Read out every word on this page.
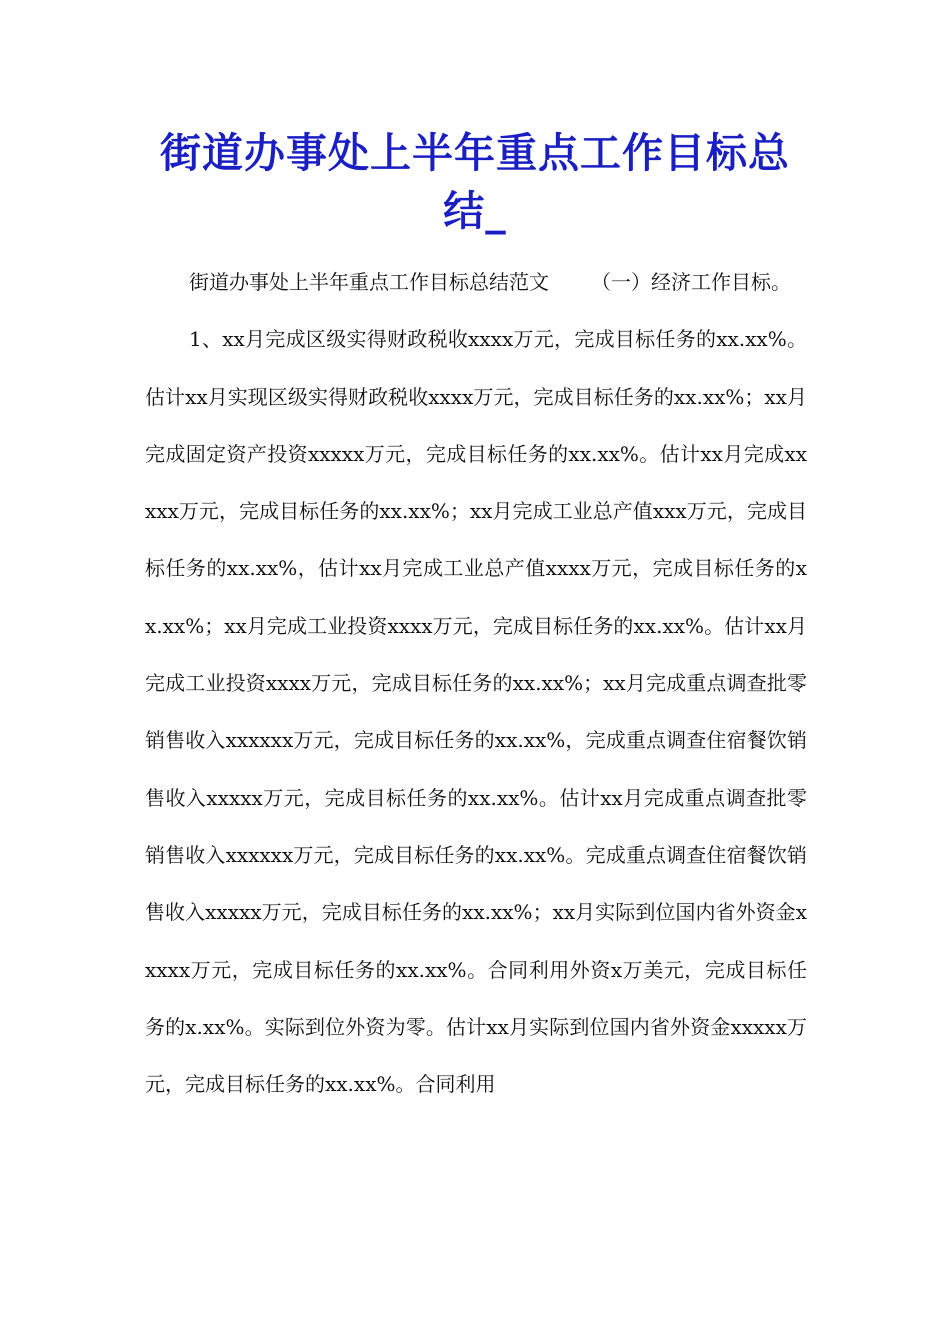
街道办事处上半年重点工作目标总结_

街道办事处上半年重点工作目标总结范文 （一）经济工作目标。

1、xx月完成区级实得财政税收xxxx万元，完成目标任务的xx.xx%。估计xx月实现区级实得财政税收xxxx万元，完成目标任务的xx.xx%；xx月完成固定资产投资xxxxx万元，完成目标任务的xx.xx%。估计xx月完成xxxxx万元，完成目标任务的xx.xx%；xx月完成工业总产值xxx万元，完成目标任务的xx.xx%，估计xx月完成工业总产值xxxx万元，完成目标任务的xx.xx%；xx月完成工业投资xxxx万元，完成目标任务的xx.xx%。估计xx月完成工业投资xxxx万元，完成目标任务的xx.xx%；xx月完成重点调查批零销售收入xxxxxx万元，完成目标任务的xx.xx%，完成重点调查住宿餐饮销售收入xxxxx万元，完成目标任务的xx.xx%。估计xx月完成重点调查批零销售收入xxxxxx万元，完成目标任务的xx.xx%。完成重点调查住宿餐饮销售收入xxxxx万元，完成目标任务的xx.xx%；xx月实际到位国内省外资金xxxxx万元，完成目标任务的xx.xx%。合同利用外资x万美元，完成目标任务的x.xx%。实际到位外资为零。估计xx月实际到位国内省外资金xxxxx万元，完成目标任务的xx.xx%。合同利用
